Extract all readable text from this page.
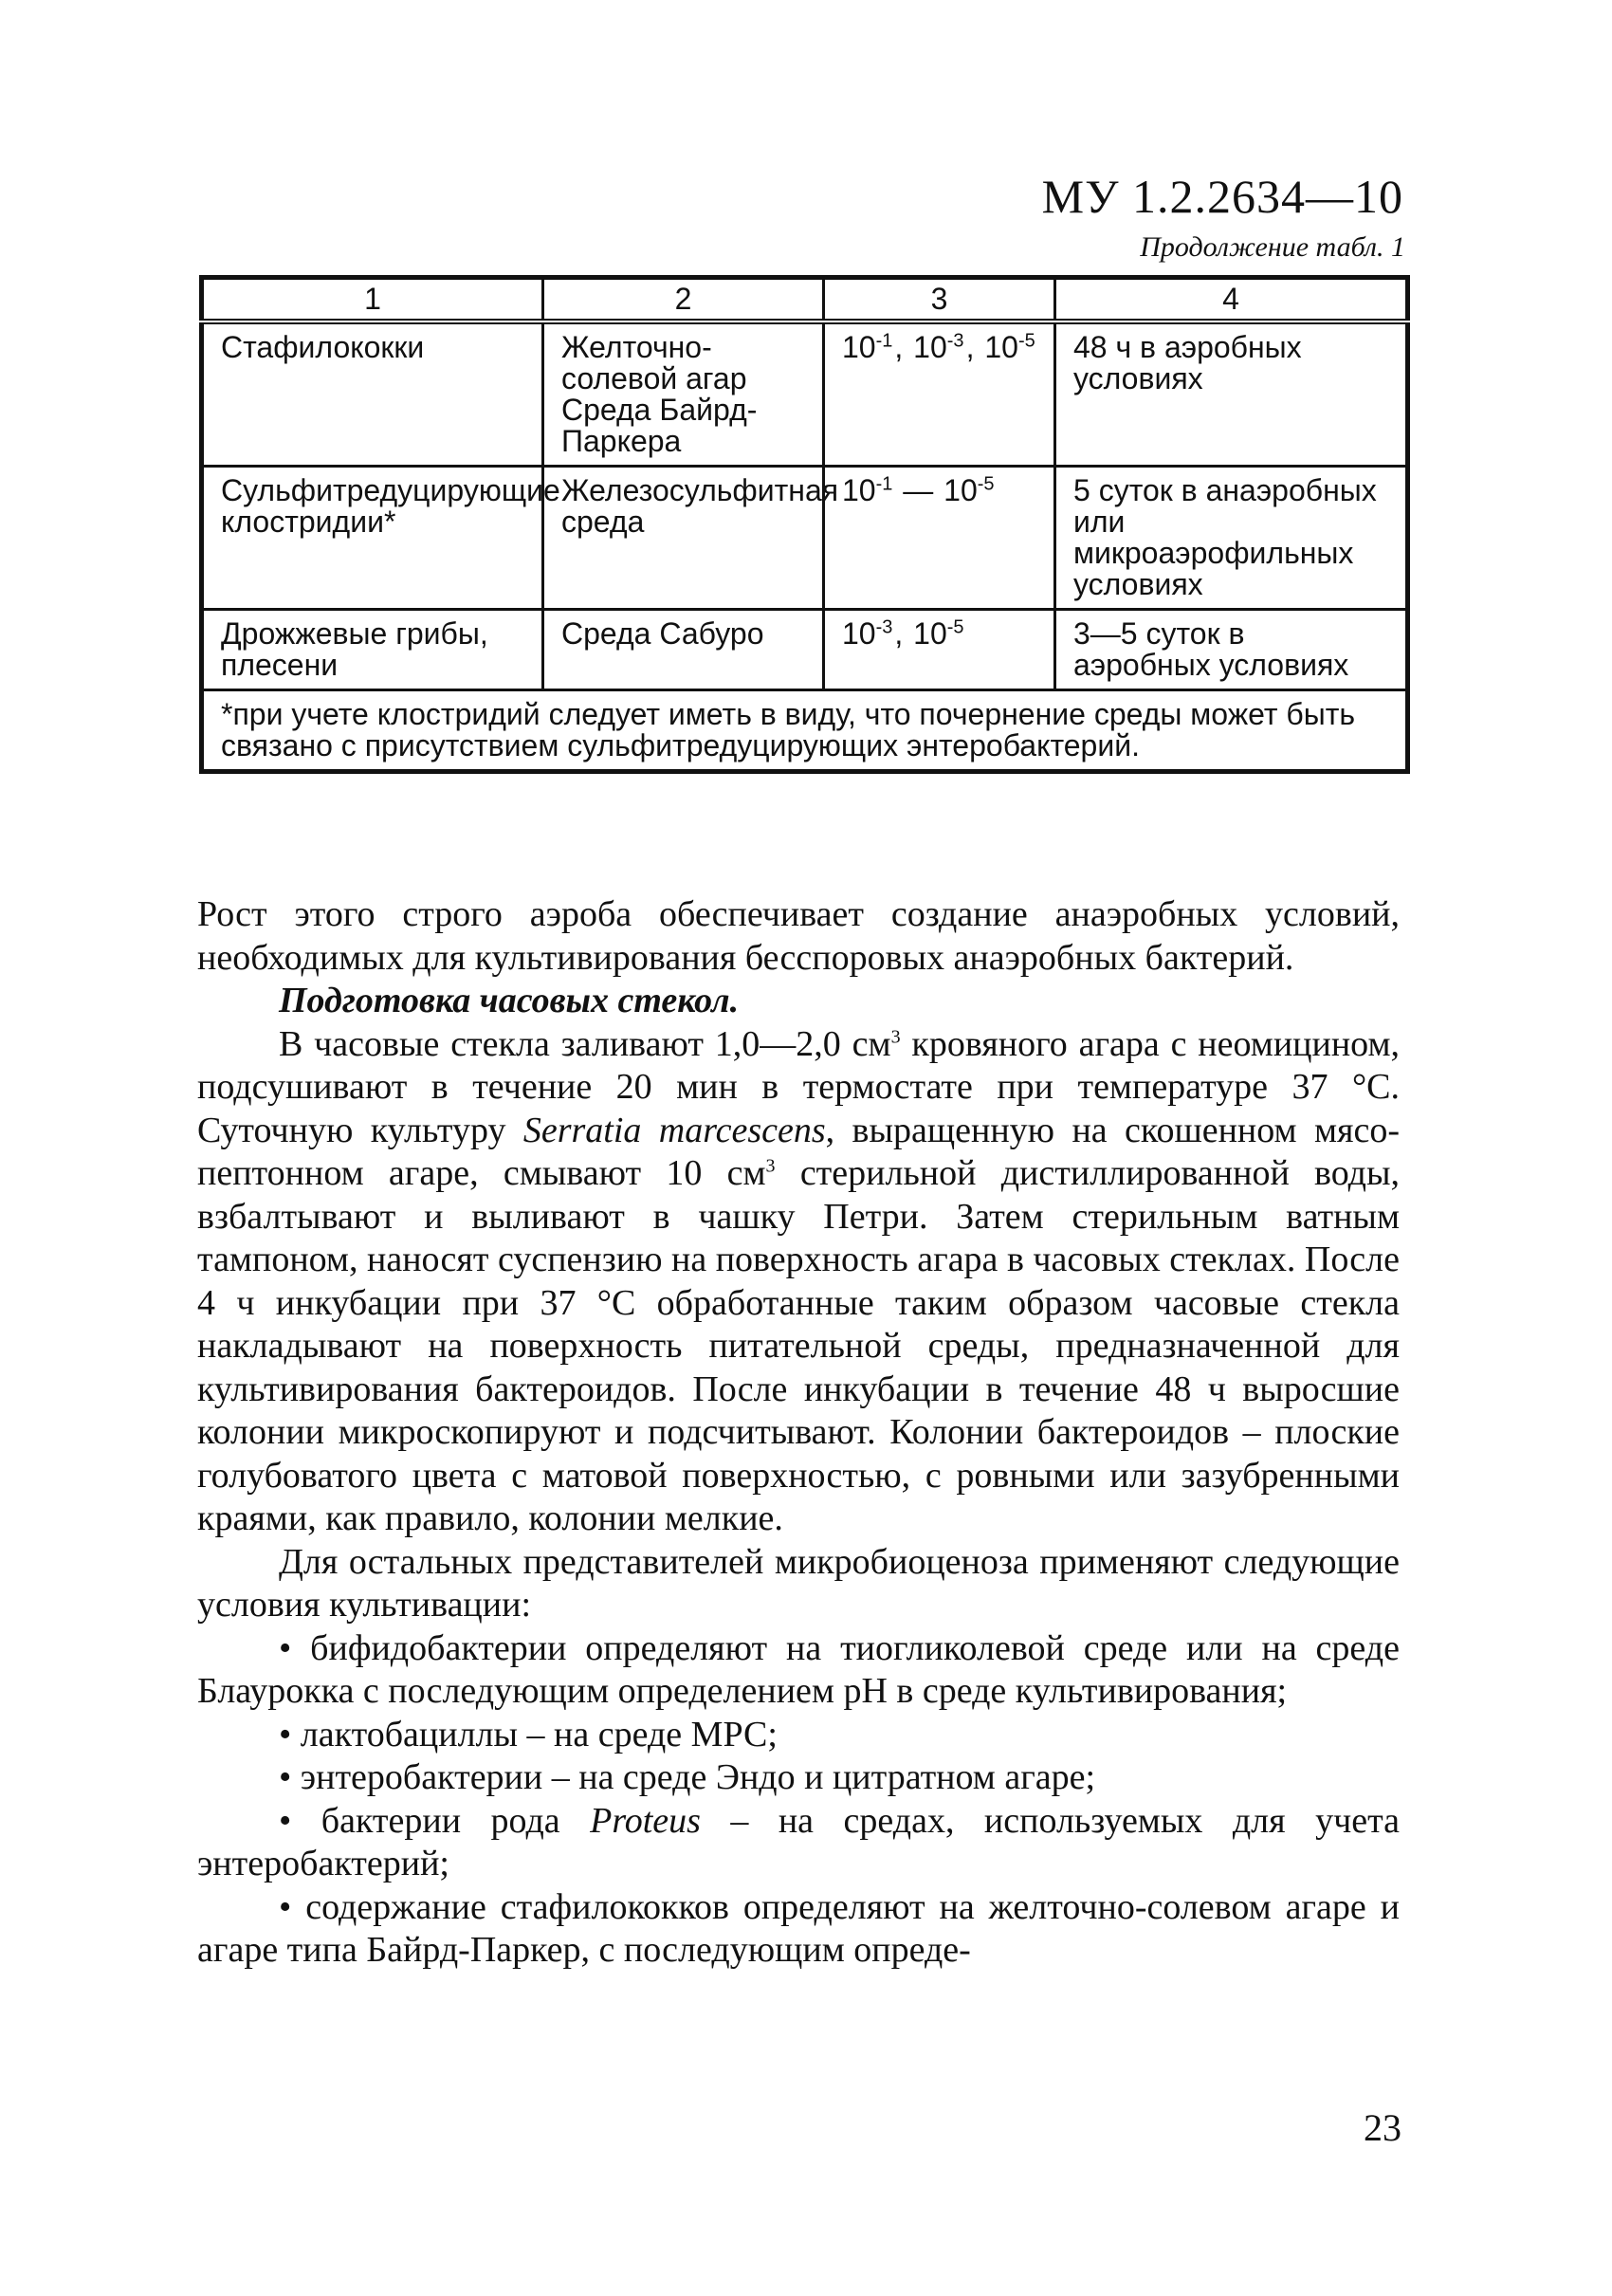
МУ 1.2.2634—10
Продолжение табл. 1
1	2	3	4
Стафилококки	Желточно-солевой агар Среда Байрд-Паркера	$10^{-1}$, $10^{-3}$, $10^{-5}$	48 ч в аэробных условиях
Сульфитредуцирующие клостридии*	Железосульфитная среда	$10^{-1}$ — $10^{-5}$	5 суток в анаэробных или микроаэрофильных условиях
Дрожжевые грибы, плесени	Среда Сабуро	$10^{-3}$, $10^{-5}$	3—5 суток в аэробных условиях
*при учете клостридий следует иметь в виду, что почернение среды может быть связано с присутствием сульфитредуцирующих энтеробактерий.			

Рост этого строго аэроба обеспечивает создание анаэробных условий, необходимых для культивирования бесспоровых анаэробных бактерий.

Подготовка часовых стекол.

В часовые стекла заливают 1,0—2,0 $см^3$ кровяного агара с неомицином, подсушивают в течение 20 мин в термостате при температуре 37 °С. Суточную культуру Serratia marcescens, выращенную на скошенном мясо-пептонном агаре, смывают 10 $см^3$ стерильной дистиллированной воды, взбалтывают и выливают в чашку Петри. Затем стерильным ватным тампоном, наносят суспензию на поверхность агара в часовых стеклах. После 4 ч инкубации при 37 °С обработанные таким образом часовые стекла накладывают на поверхность питательной среды, предназначенной для культивирования бактероидов. После инкубации в течение 48 ч выросшие колонии микроскопируют и подсчитывают. Колонии бактероидов – плоские голубоватого цвета с матовой поверхностью, с ровными или зазубренными краями, как правило, колонии мелкие.

Для остальных представителей микробиоценоза применяют следующие условия культивации:

• бифидобактерии определяют на тиогликолевой среде или на среде Блаурокка с последующим определением pH в среде культивирования;

• лактобациллы – на среде МРС;

• энтеробактерии – на среде Эндо и цитратном агаре;

• бактерии рода Proteus – на средах, используемых для учета энтеробактерий;

• содержание стафилококков определяют на желточно-солевом агаре и агаре типа Байрд-Паркер, с последующим опреде-

23
